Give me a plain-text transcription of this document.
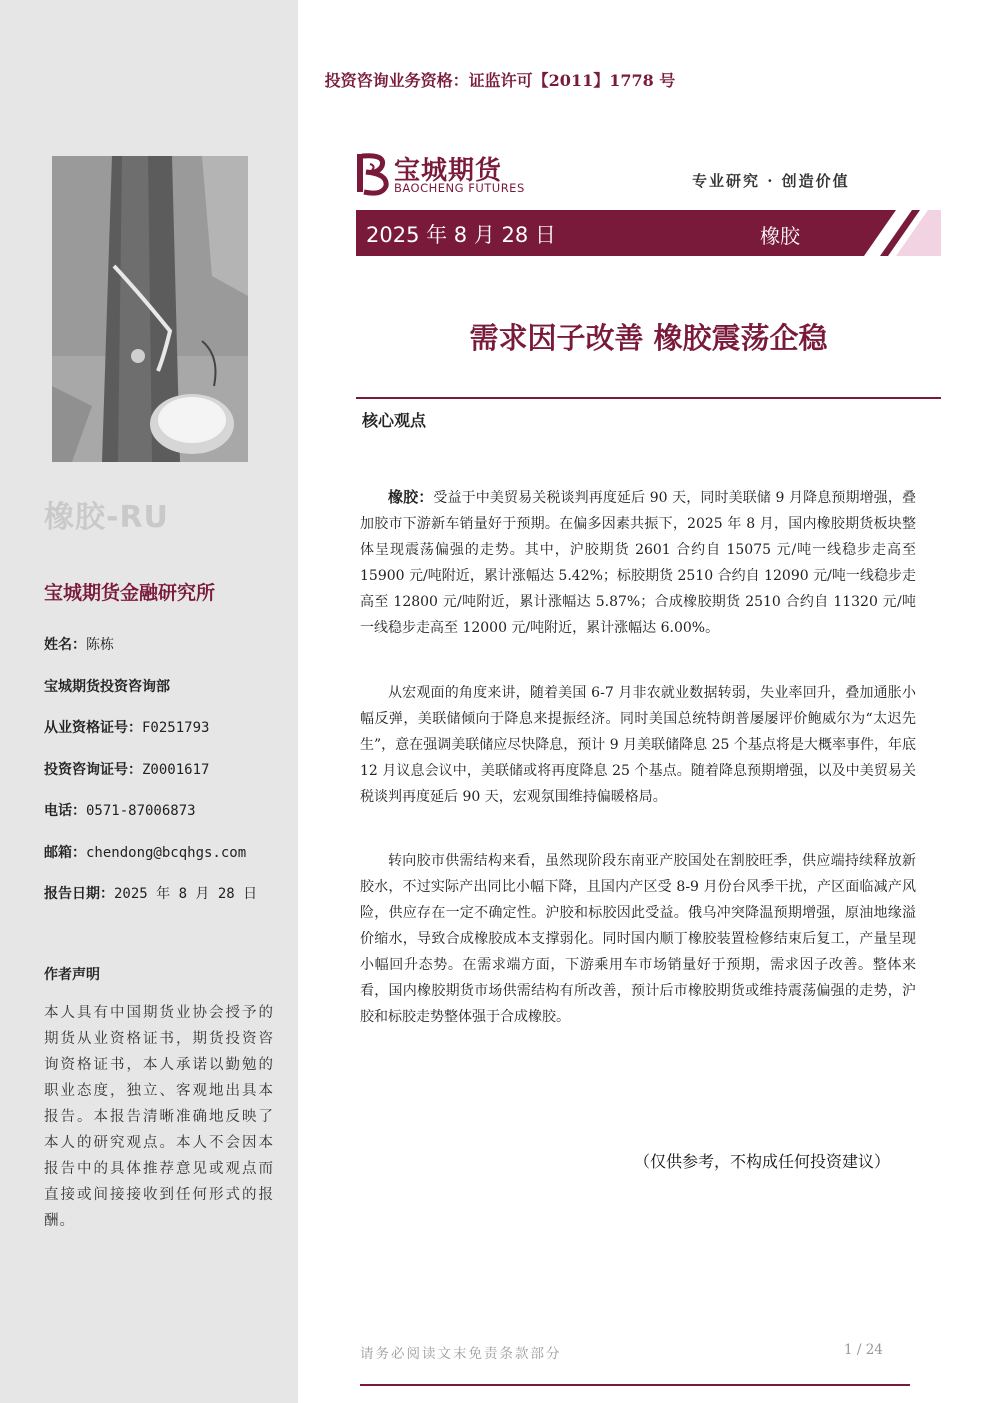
橡胶-RU
宝城期货金融研究所
姓名：陈栋
宝城期货投资咨询部
从业资格证号：F0251793
投资咨询证号：Z0001617
电话：0571-87006873
邮箱：chendong@bcqhgs.com
报告日期：2025 年 8 月 28 日
作者声明
本人具有中国期货业协会授予的期货从业资格证书，期货投资咨询资格证书，本人承诺以勤勉的职业态度，独立、客观地出具本报告。本报告清晰准确地反映了本人的研究观点。本人不会因本报告中的具体推荐意见或观点而直接或间接接收到任何形式的报酬。
投资咨询业务资格：证监许可【2011】1778 号
宝城期货
BAOCHENG FUTURES	专业研究 · 创造价值
2025 年 8 月 28 日	橡胶
需求因子改善 橡胶震荡企稳
核心观点
橡胶：受益于中美贸易关税谈判再度延后 90 天，同时美联储 9 月降息预期增强，叠加胶市下游新车销量好于预期。在偏多因素共振下，2025 年 8 月，国内橡胶期货板块整体呈现震荡偏强的走势。其中，沪胶期货 2601 合约自 15075 元/吨一线稳步走高至 15900 元/吨附近，累计涨幅达 5.42%；标胶期货 2510 合约自 12090 元/吨一线稳步走高至 12800 元/吨附近，累计涨幅达 5.87%；合成橡胶期货 2510 合约自 11320 元/吨一线稳步走高至 12000 元/吨附近，累计涨幅达 6.00%。
从宏观面的角度来讲，随着美国 6-7 月非农就业数据转弱，失业率回升，叠加通胀小幅反弹，美联储倾向于降息来提振经济。同时美国总统特朗普屡屡评价鲍威尔为“太迟先生”，意在强调美联储应尽快降息，预计 9 月美联储降息 25 个基点将是大概率事件，年底 12 月议息会议中，美联储或将再度降息 25 个基点。随着降息预期增强，以及中美贸易关税谈判再度延后 90 天，宏观氛围维持偏暖格局。
转向胶市供需结构来看，虽然现阶段东南亚产胶国处在割胶旺季，供应端持续释放新胶水，不过实际产出同比小幅下降，且国内产区受 8-9 月份台风季干扰，产区面临减产风险，供应存在一定不确定性。沪胶和标胶因此受益。俄乌冲突降温预期增强，原油地缘溢价缩水，导致合成橡胶成本支撑弱化。同时国内顺丁橡胶装置检修结束后复工，产量呈现小幅回升态势。在需求端方面，下游乘用车市场销量好于预期，需求因子改善。整体来看，国内橡胶期货市场供需结构有所改善，预计后市橡胶期货或维持震荡偏强的走势，沪胶和标胶走势整体强于合成橡胶。
（仅供参考，不构成任何投资建议）
请务必阅读文末免责条款部分	1 / 24
